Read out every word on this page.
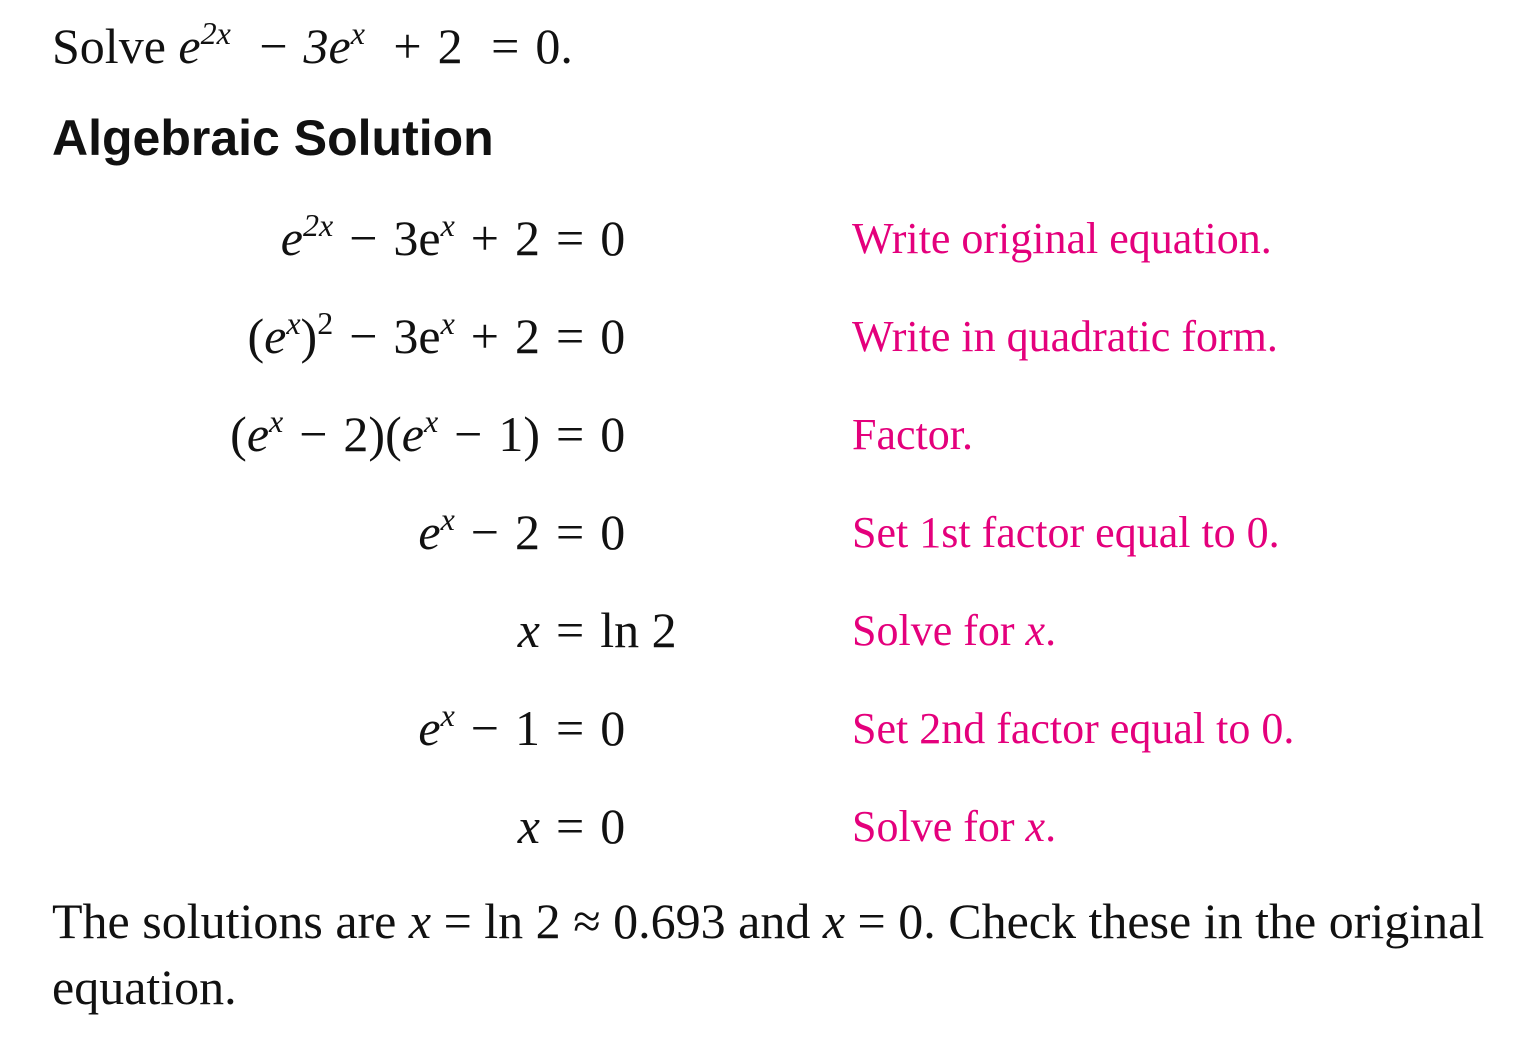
Solve $e^{2x} - 3e^x + 2 = 0$.
Algebraic Solution
$e^{2x} - 3e^x + 2 = 0$	Write original equation.
$(e^x)^2 - 3e^x + 2 = 0$	Write in quadratic form.
$(e^x - 2)(e^x - 1) = 0$	Factor.
$e^x - 2 = 0$	Set 1st factor equal to 0.
x = ln 2	Solve for x.
$e^x - 1 = 0$	Set 2nd factor equal to 0.
x = 0	Solve for x.
The solutions are x = ln 2 ≈ 0.693 and x = 0. Check these in the original equation.
